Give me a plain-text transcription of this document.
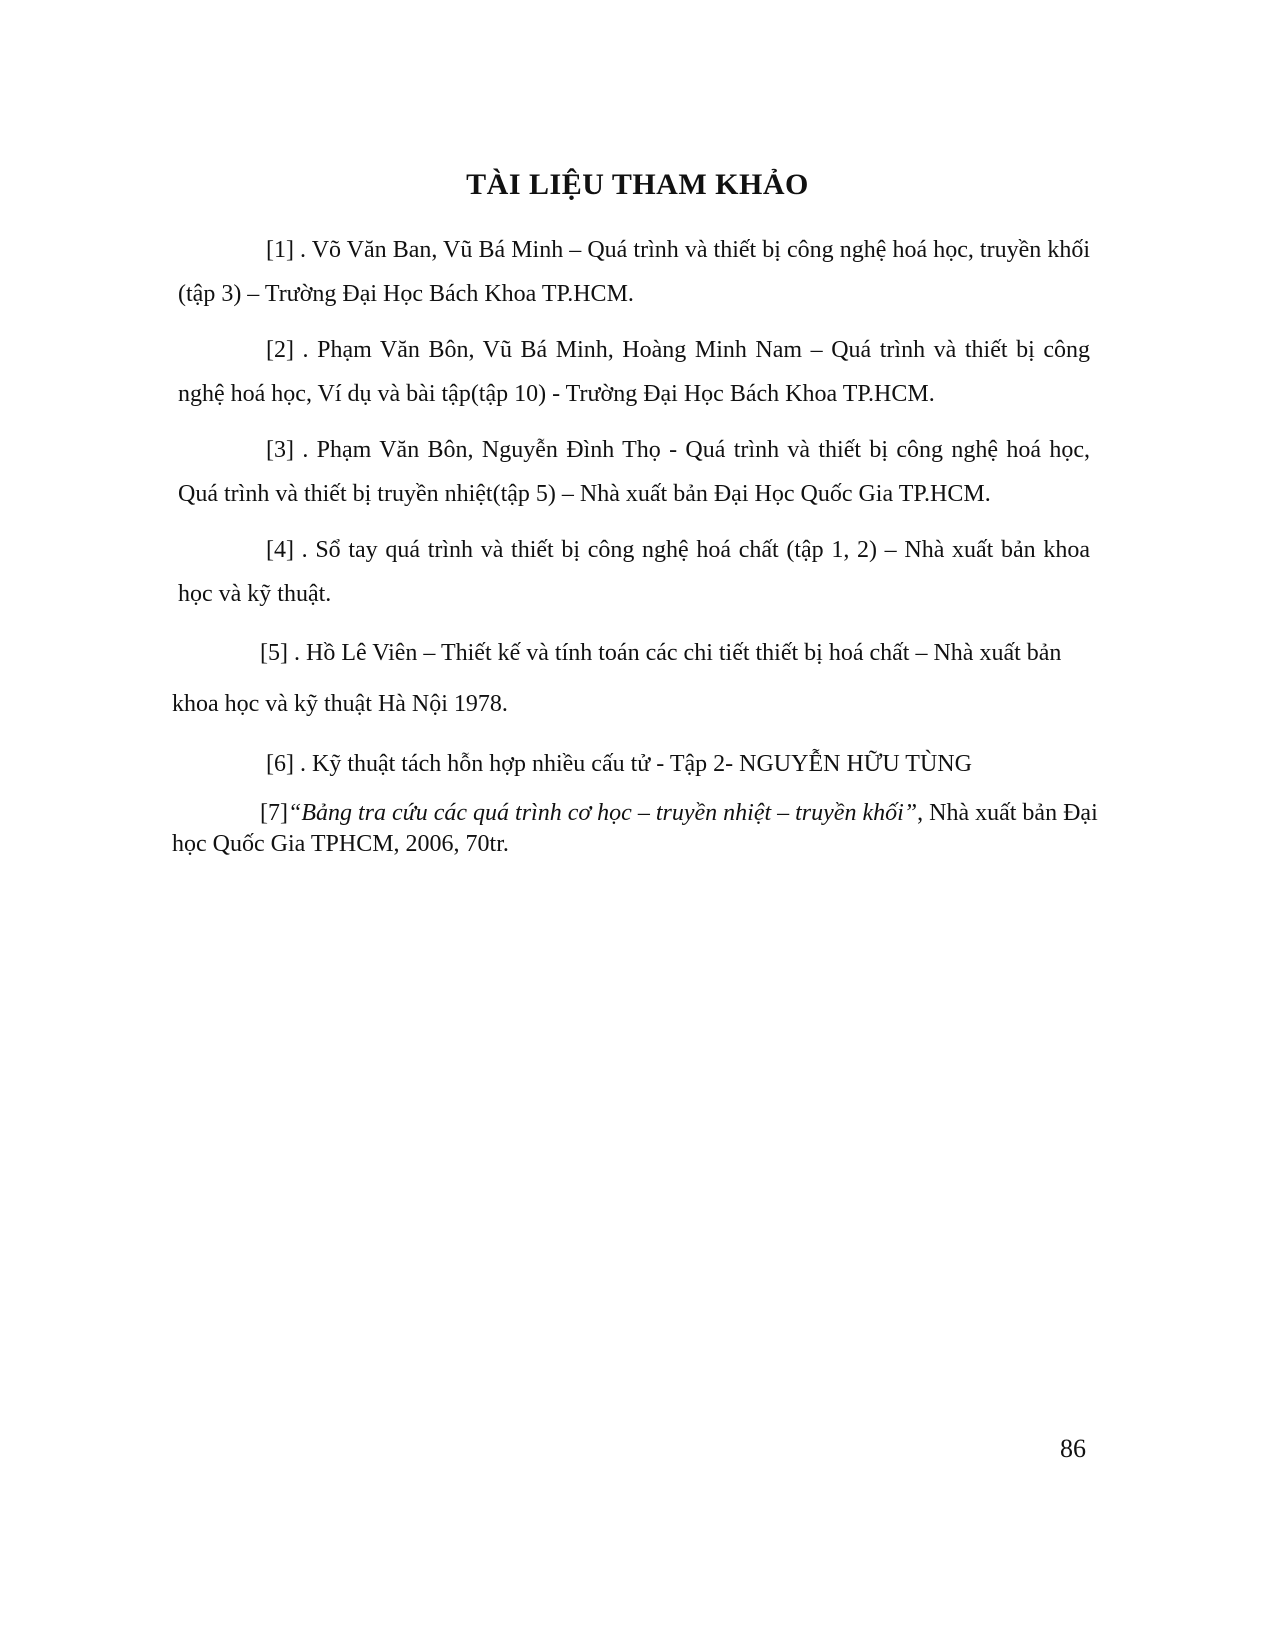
TÀI LIỆU THAM KHẢO

[1] . Võ Văn Ban, Vũ Bá Minh – Quá trình và thiết bị công nghệ hoá học, truyền khối (tập 3) – Trường Đại Học Bách Khoa TP.HCM.

[2] . Phạm Văn Bôn, Vũ Bá Minh, Hoàng Minh Nam – Quá trình và thiết bị công nghệ hoá học, Ví dụ và bài tập(tập 10) - Trường Đại Học Bách Khoa TP.HCM.

[3] . Phạm Văn Bôn, Nguyễn Đình Thọ - Quá trình và thiết bị công nghệ hoá học, Quá trình và thiết bị truyền nhiệt(tập 5) – Nhà xuất bản Đại Học Quốc Gia TP.HCM.

[4] . Sổ tay quá trình và thiết bị công nghệ hoá chất (tập 1, 2) – Nhà xuất bản khoa học và kỹ thuật.

[5] . Hồ Lê Viên – Thiết kế và tính toán các chi tiết thiết bị hoá chất – Nhà xuất bản khoa học và kỹ thuật Hà Nội 1978.

[6] . Kỹ thuật tách hỗn hợp nhiều cấu tử - Tập 2- NGUYỄN HỮU TÙNG

[7]“Bảng tra cứu các quá trình cơ học – truyền nhiệt – truyền khối”, Nhà xuất bản Đại học Quốc Gia TPHCM, 2006, 70tr.

86
